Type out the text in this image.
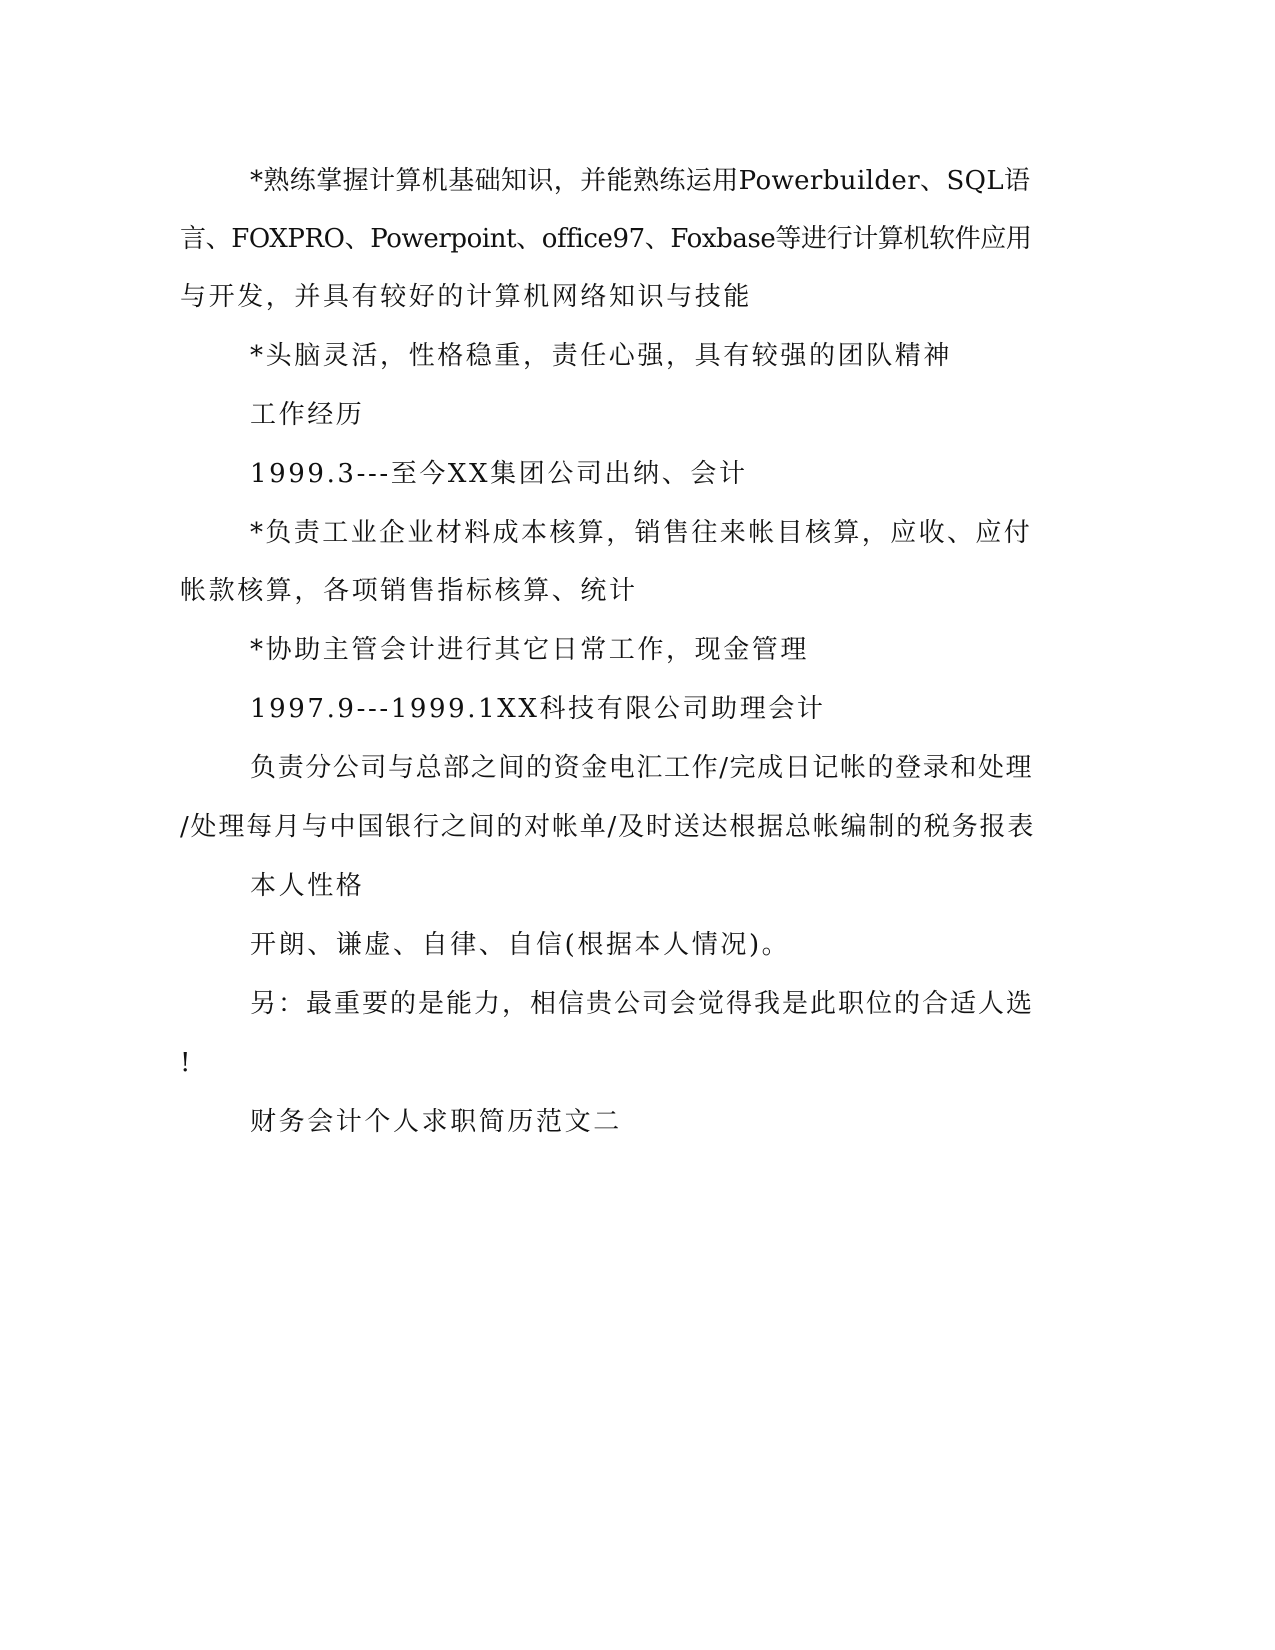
*熟练掌握计算机基础知识，并能熟练运用Powerbuilder、SQL语
言、FOXPRO、Powerpoint、office97、Foxbase等进行计算机软件应用
与开发，并具有较好的计算机网络知识与技能
*头脑灵活，性格稳重，责任心强，具有较强的团队精神
工作经历
1999.3---至今XX集团公司出纳、会计
*负责工业企业材料成本核算，销售往来帐目核算，应收、应付
帐款核算，各项销售指标核算、统计
*协助主管会计进行其它日常工作，现金管理
1997.9---1999.1XX科技有限公司助理会计
负责分公司与总部之间的资金电汇工作/完成日记帐的登录和处理
/处理每月与中国银行之间的对帐单/及时送达根据总帐编制的税务报表
本人性格
开朗、谦虚、自律、自信(根据本人情况)。
另：最重要的是能力，相信贵公司会觉得我是此职位的合适人选
!
财务会计个人求职简历范文二
